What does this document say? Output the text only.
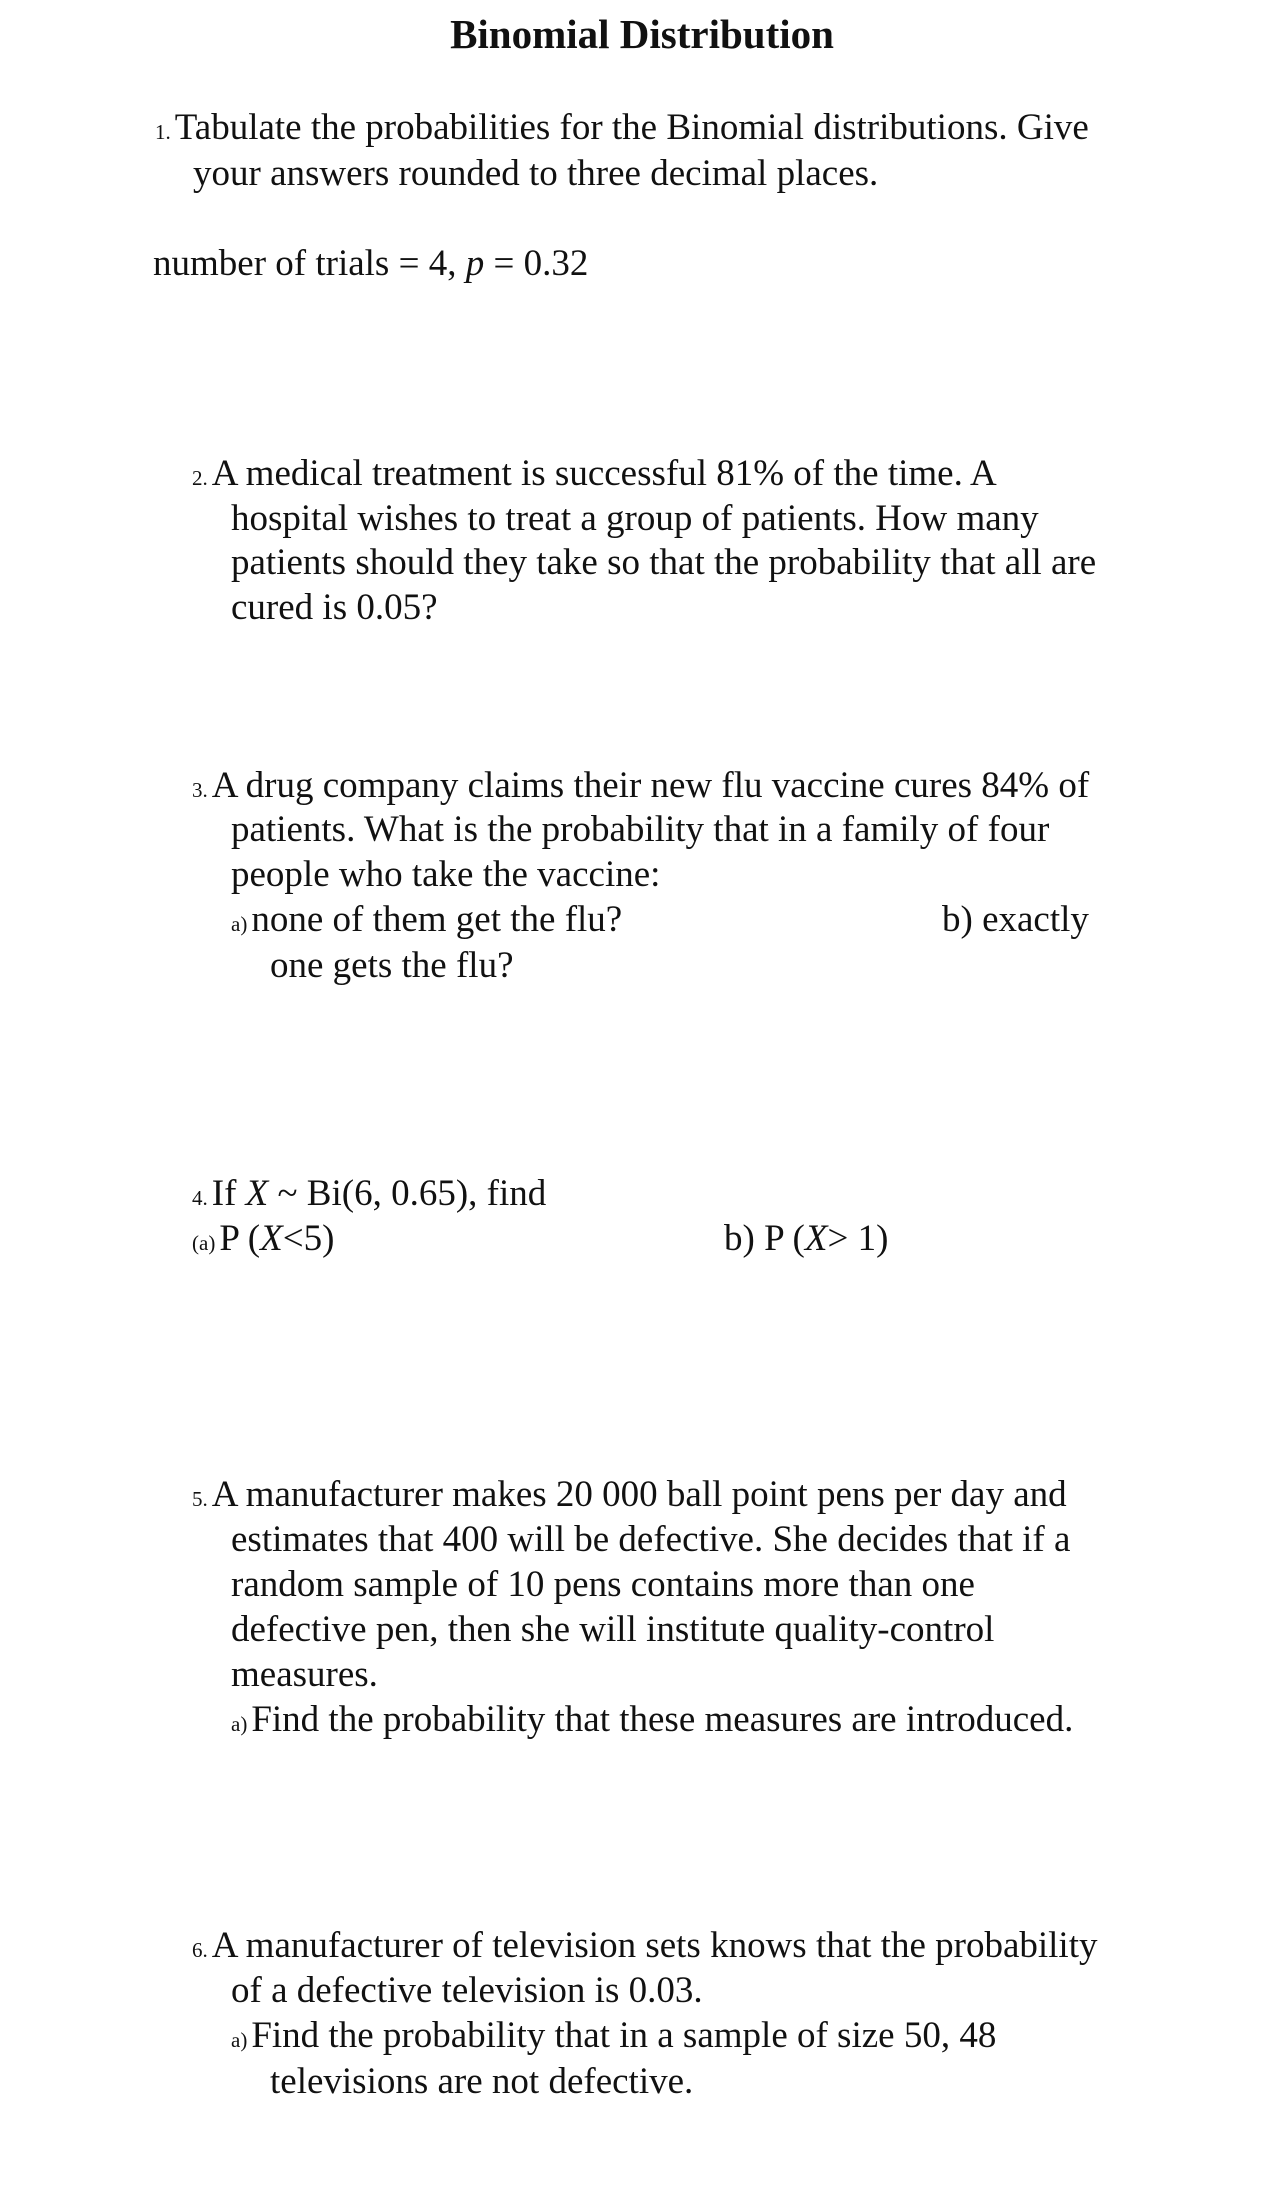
Binomial Distribution
1. Tabulate the probabilities for the Binomial distributions. Give
your answers rounded to three decimal places.
number of trials = 4, p = 0.32
2. A medical treatment is successful 81% of the time. A
hospital wishes to treat a group of patients. How many
patients should they take so that the probability that all are
cured is 0.05?
3. A drug company claims their new flu vaccine cures 84% of
patients. What is the probability that in a family of four
people who take the vaccine:
a) none of them get the flu?	b) exactly
one gets the flu?
4. If X ~ Bi(6, 0.65), find
(a) P (X<5)	b) P (X> 1)
5. A manufacturer makes 20 000 ball point pens per day and
estimates that 400 will be defective. She decides that if a
random sample of 10 pens contains more than one
defective pen, then she will institute quality-control
measures.
a) Find the probability that these measures are introduced.
6. A manufacturer of television sets knows that the probability
of a defective television is 0.03.
a) Find the probability that in a sample of size 50, 48
televisions are not defective.
